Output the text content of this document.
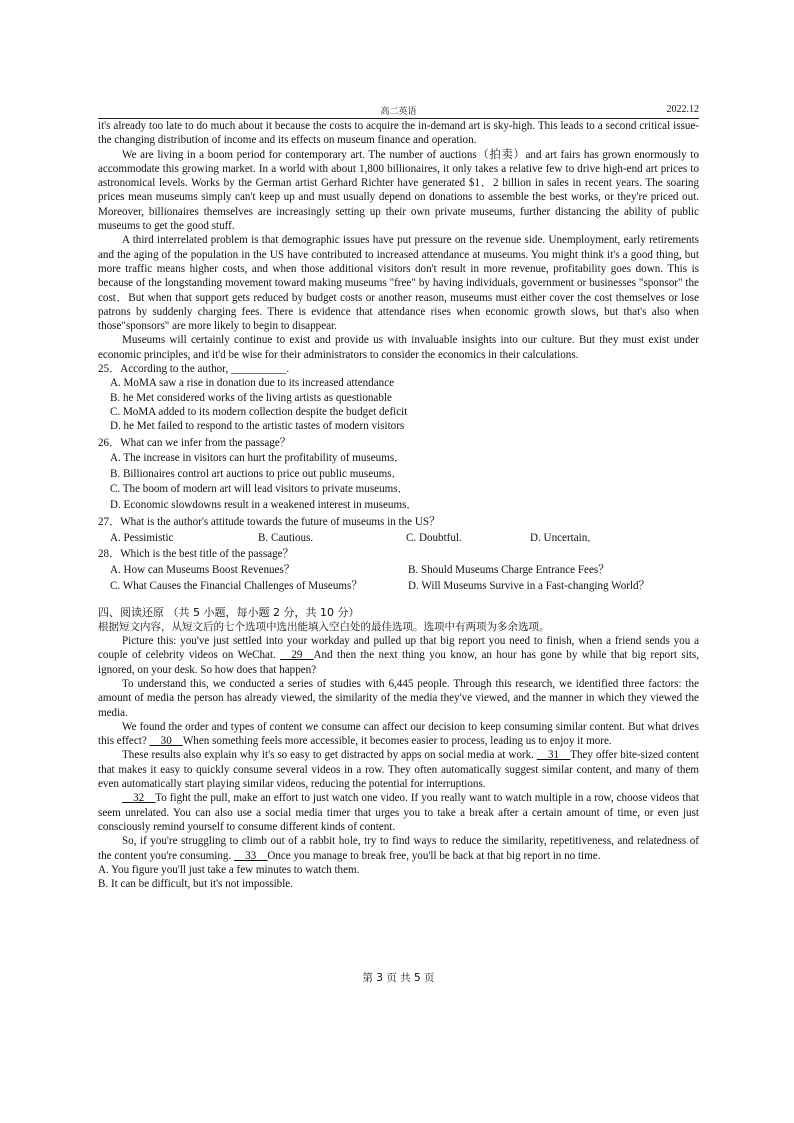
高二英语	2022.12

it's already too late to do much about it because the costs to acquire the in-demand art is sky-high. This leads to a second critical issue-the changing distribution of income and its effects on museum finance and operation.

We are living in a boom period for contemporary art. The number of auctions（拍卖）and art fairs has grown enormously to accommodate this growing market. In a world with about 1,800 billionaires, it only takes a relative few to drive high-end art prices to astronomical levels. Works by the German artist Gerhard Richter have generated $1．2 billion in sales in recent years. The soaring prices mean museums simply can't keep up and must usually depend on donations to assemble the best works, or they're priced out. Moreover, billionaires themselves are increasingly setting up their own private museums, further distancing the ability of public museums to get the good stuff.

A third interrelated problem is that demographic issues have put pressure on the revenue side. Unemployment, early retirements and the aging of the population in the US have contributed to increased attendance at museums. You might think it's a good thing, but more traffic means higher costs, and when those additional visitors don't result in more revenue, profitability goes down. This is because of the longstanding movement toward making museums "free" by having individuals, government or businesses "sponsor" the cost．But when that support gets reduced by budget costs or another reason, museums must either cover the cost themselves or lose patrons by suddenly charging fees. There is evidence that attendance rises when economic growth slows, but that's also when those"sponsors" are more likely to begin to disappear.

Museums will certainly continue to exist and provide us with invaluable insights into our culture. But they must exist under economic principles, and it'd be wise for their administrators to consider the economics in their calculations.

25．According to the author, __________.

A. MoMA saw a rise in donation due to its increased attendance

B. he Met considered works of the living artists as questionable

C. MoMA added to its modern collection despite the budget deficit

D. he Met failed to respond to the artistic tastes of modern visitors

26．What can we infer from the passage？

A. The increase in visitors can hurt the profitability of museums．

B. Billionaires control art auctions to price out public museums．

C. The boom of modern art will lead visitors to private museums．

D. Economic slowdowns result in a weakened interest in museums．

27．What is the author's attitude towards the future of museums in the US？

A. Pessimistic	B. Cautious.	C. Doubtful.	D. Uncertain．

28．Which is the best title of the passage？

A. How can Museums Boost Revenues？	B. Should Museums Charge Entrance Fees？
C. What Causes the Financial Challenges of Museums？	D. Will Museums Survive in a Fast-changing World？

四、阅读还原 （共 5 小题，每小题 2 分，共 10 分）

根据短文内容，从短文后的七个选项中选出能填入空白处的最佳选项。选项中有两项为多余选项。

Picture this: you've just settled into your workday and pulled up that big report you need to finish, when a friend sends you a couple of celebrity videos on WeChat. __29__And then the next thing you know, an hour has gone by while that big report sits, ignored, on your desk. So how does that happen?

To understand this, we conducted a series of studies with 6,445 people. Through this research, we identified three factors: the amount of media the person has already viewed, the similarity of the media they've viewed, and the manner in which they viewed the media.

We found the order and types of content we consume can affect our decision to keep consuming similar content. But what drives this effect? __30__When something feels more accessible, it becomes easier to process, leading us to enjoy it more.

These results also explain why it's so easy to get distracted by apps on social media at work. __31__They offer bite-sized content that makes it easy to quickly consume several videos in a row. They often automatically suggest similar content, and many of them even automatically start playing similar videos, reducing the potential for interruptions.

__32__To fight the pull, make an effort to just watch one video. If you really want to watch multiple in a row, choose videos that seem unrelated. You can also use a social media timer that urges you to take a break after a certain amount of time, or even just consciously remind yourself to consume different kinds of content.

So, if you're struggling to climb out of a rabbit hole, try to find ways to reduce the similarity, repetitiveness, and relatedness of the content you're consuming. __33__Once you manage to break free, you'll be back at that big report in no time.

A. You figure you'll just take a few minutes to watch them.

B. It can be difficult, but it's not impossible.

第 3 页 共 5 页
